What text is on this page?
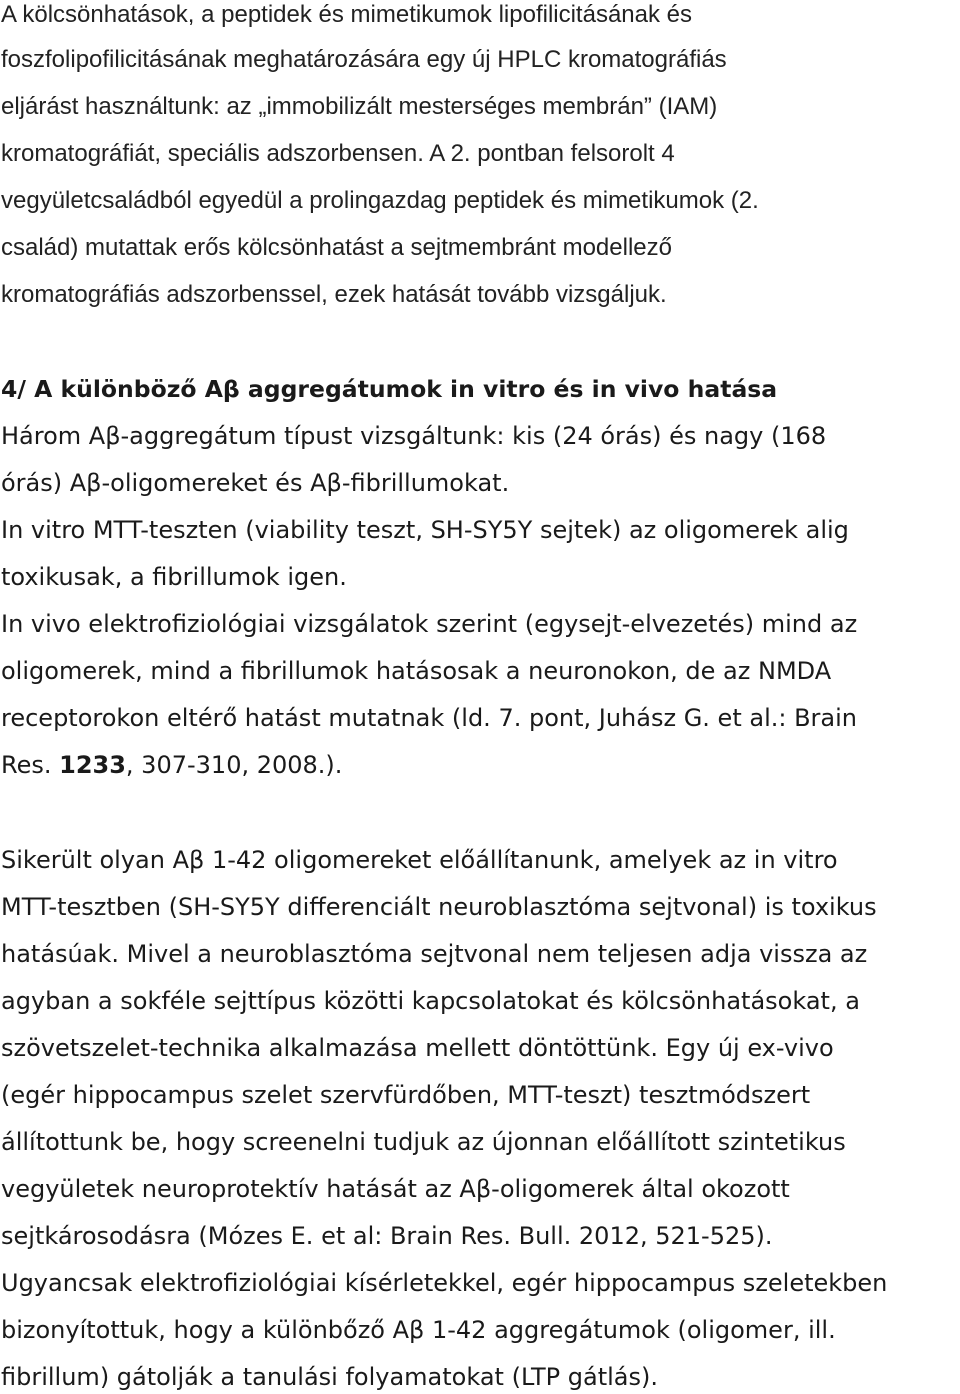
A kölcsönhatások, a peptidek és mimetikumok lipofilicitásának és
foszfolipofilicitásának meghatározására egy új HPLC kromatográfiás
eljárást használtunk: az „immobilizált mesterséges membrán” (IAM)
kromatográfiát, speciális adszorbensen. A 2. pontban felsorolt 4
vegyületcsaládból egyedül a prolingazdag peptidek és mimetikumok (2.
család) mutattak erős kölcsönhatást a sejtmembránt modellező
kromatográfiás adszorbenssel, ezek hatását tovább vizsgáljuk.
4/ A különböző Aβ aggregátumok in vitro és in vivo hatása
Három Aβ-aggregátum típust vizsgáltunk: kis (24 órás) és nagy (168
órás) Aβ-oligomereket és Aβ-fibrillumokat.
In vitro MTT-teszten (viability teszt, SH-SY5Y sejtek) az oligomerek alig
toxikusak, a fibrillumok igen.
In vivo elektrofiziológiai vizsgálatok szerint (egysejt-elvezetés) mind az
oligomerek, mind a fibrillumok hatásosak a neuronokon, de az NMDA
receptorokon eltérő hatást mutatnak (ld. 7. pont, Juhász G. et al.: Brain
Res. 1233, 307-310, 2008.).
Sikerült olyan Aβ 1-42 oligomereket előállítanunk, amelyek az in vitro
MTT-tesztben (SH-SY5Y differenciált neuroblasztóma sejtvonal) is toxikus
hatásúak. Mivel a neuroblasztóma sejtvonal nem teljesen adja vissza az
agyban a sokféle sejttípus közötti kapcsolatokat és kölcsönhatásokat, a
szövetszelet-technika alkalmazása mellett döntöttünk. Egy új ex-vivo
(egér hippocampus szelet szervfürdőben, MTT-teszt) tesztmódszert
állítottunk be, hogy screenelni tudjuk az újonnan előállított szintetikus
vegyületek neuroprotektív hatását az Aβ-oligomerek által okozott
sejtkárosodásra (Mózes E. et al: Brain Res. Bull. 2012, 521-525).
Ugyancsak elektrofiziológiai kísérletekkel, egér hippocampus szeletekben
bizonyítottuk, hogy a különbőző Aβ 1-42 aggregátumok (oligomer, ill.
fibrillum) gátolják a tanulási folyamatokat (LTP gátlás).
